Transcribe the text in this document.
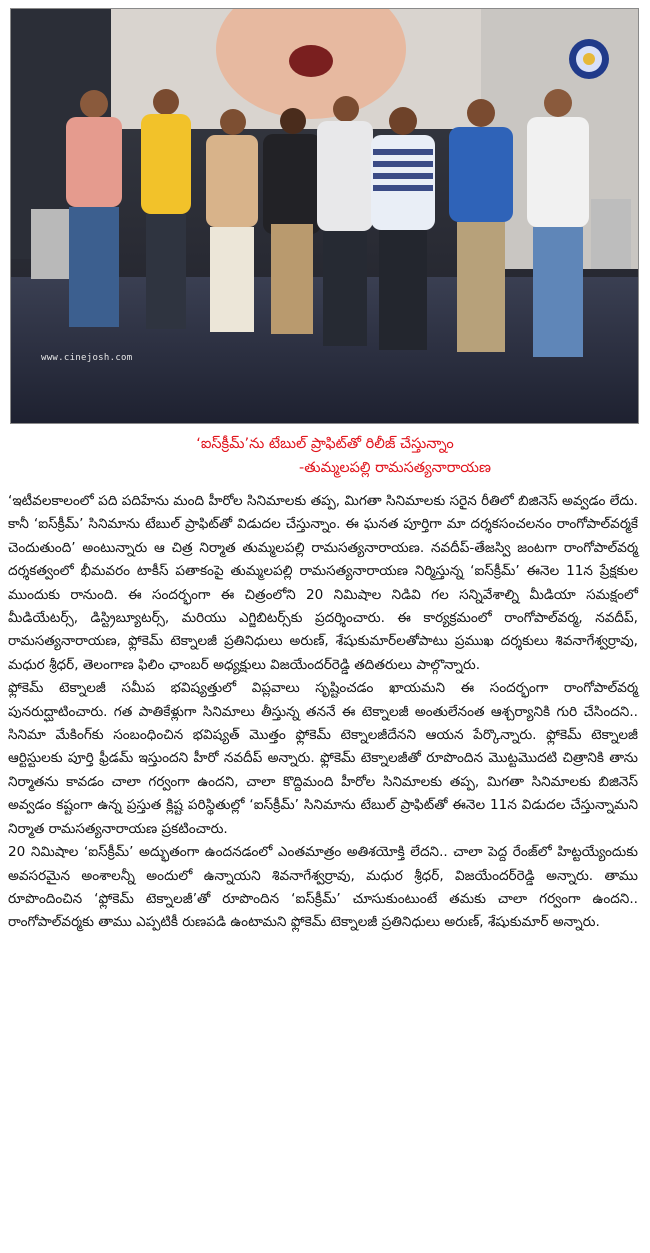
www.cinejosh.com
‘ఐస్‌క్రీమ్‌’ను టేబుల్‌ ప్రాఫిట్‌తో రిలీజ్‌ చేస్తున్నాం
-తుమ్మలపల్లి రామసత్యనారాయణ

‘ఇటీవలకాలంలో పది పదిహేను మంది హీరోల సినిమాలకు తప్ప, మిగతా సినిమాలకు సరైన రీతిలో బిజినెస్‌ అవ్వడం లేదు. కానీ ‘ఐస్‌క్రీమ్‌’ సినిమాను టేబుల్‌ ప్రాఫిట్‌తో విడుదల చేస్తున్నాం. ఈ ఘనత పూర్తిగా మా దర్శకసంచలనం రాంగోపాల్‌వర్మకే చెందుతుంది’ అంటున్నారు ఆ చిత్ర నిర్మాత తుమ్మలపల్లి రామసత్యనారాయణ. నవదీప్‌-తేజస్వి జంటగా రాంగోపాల్‌వర్మ దర్శకత్వంలో భీమవరం టాకీస్‌ పతాకంపై తుమ్మలపల్లి రామసత్యనారాయణ నిర్మిస్తున్న ‘ఐస్‌క్రీమ్‌’ ఈనెల 11న ప్రేక్షకుల ముందుకు రానుంది. ఈ సందర్భంగా ఈ చిత్రంలోని 20 నిమిషాల నిడివి గల సన్నివేశాల్ని మీడియా సమక్షంలో మీడియేటర్స్‌, డిస్ట్రిబ్యూటర్స్‌, మరియు ఎగ్జిబిటర్స్‌కు ప్రదర్శించారు. ఈ కార్యక్రమంలో రాంగోపాల్‌వర్మ, నవదీప్‌, రామసత్యనారాయణ, ఫ్లోకెమ్‌ టెక్నాలజీ ప్రతినిధులు అరుణ్‌, శేషుకుమార్‌లతోపాటు ప్రముఖ దర్శకులు శివనాగేశ్వర్రావు, మధుర శ్రీధర్‌, తెలంగాణ ఫిలిం ఛాంబర్‌ అధ్యక్షులు విజయేందర్‌రెడ్డి తదితరులు పాల్గొన్నారు.

ఫ్లోకెమ్‌ టెక్నాలజీ సమీప భవిష్యత్తులో విప్లవాలు సృష్టించడం ఖాయమని ఈ సందర్భంగా రాంగోపాల్‌వర్మ పునరుద్ఘాటించారు. గత పాతికేళ్లుగా సినిమాలు తీస్తున్న తననే ఈ టెక్నాలజీ అంతులేనంత ఆశ్చర్యానికి గురి చేసిందని.. సినిమా మేకింగ్‌కు సంబంధించిన భవిష్యత్‌ మొత్తం ఫ్లోకెమ్‌ టెక్నాలజీదేనని ఆయన పేర్కొన్నారు. ఫ్లోకెమ్‌ టెక్నాలజీ ఆర్టిస్టులకు పూర్తి ఫ్రీడమ్‌ ఇస్తుందని హీరో నవదీప్‌ అన్నారు. ఫ్లోకెమ్‌ టెక్నాలజీతో రూపొందిన మొట్టమొదటి చిత్రానికి తాను నిర్మాతను కావడం చాలా గర్వంగా ఉందని, చాలా కొద్దిమంది హీరోల సినిమాలకు తప్ప, మిగతా సినిమాలకు బిజినెస్‌ అవ్వడం కష్టంగా ఉన్న ప్రస్తుత క్లిష్ట పరిస్థితుల్లో ‘ఐస్‌క్రీమ్‌’ సినిమాను టేబుల్‌ ప్రాఫిట్‌తో ఈనెల 11న విడుదల చేస్తున్నామని నిర్మాత రామసత్యనారాయణ ప్రకటించారు.

20 నిమిషాల ‘ఐస్‌క్రీమ్‌’ అద్భుతంగా ఉందనడంలో ఎంతమాత్రం అతిశయోక్తి లేదని.. చాలా పెద్ద రేంజ్‌లో హిట్టయ్యేందుకు అవసరమైన అంశాలన్నీ అందులో ఉన్నాయని శివనాగేశ్వర్రావు, మధుర శ్రీధర్‌, విజయేందర్‌రెడ్డి అన్నారు. తాము రూపొందించిన ‘ఫ్లోకెమ్‌ టెక్నాలజీ’తో రూపొందిన ‘ఐస్‌క్రీమ్‌’ చూసుకుంటుంటే తమకు చాలా గర్వంగా ఉందని.. రాంగోపాల్‌వర్మకు తాము ఎప్పటికీ రుణపడి ఉంటామని ఫ్లోకెమ్‌ టెక్నాలజీ ప్రతినిధులు అరుణ్‌, శేషుకుమార్‌ అన్నారు.
